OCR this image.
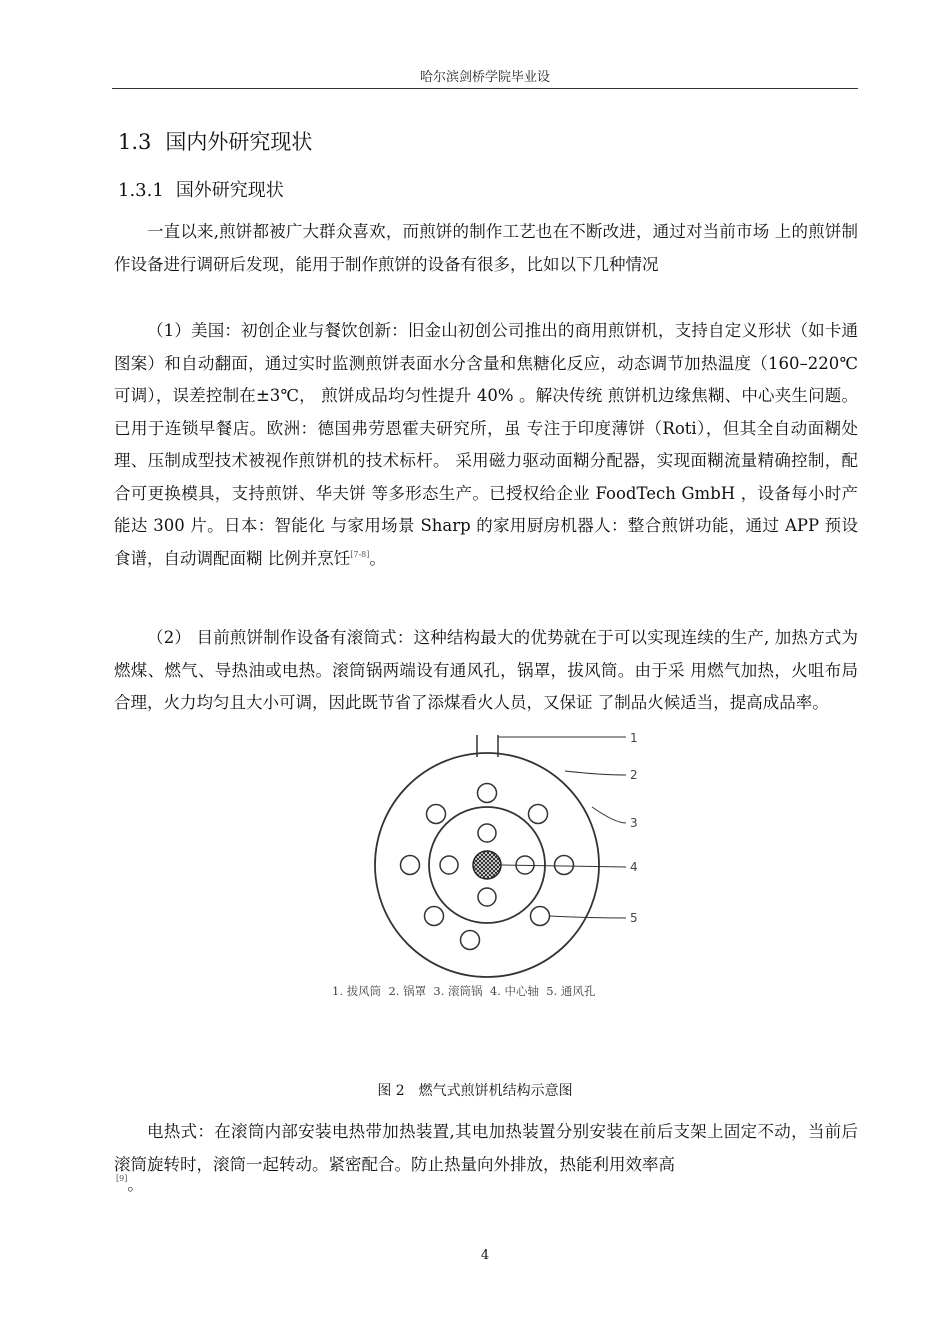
哈尔滨剑桥学院毕业设
1.3 国内外研究现状
1.3.1 国外研究现状

一直以来,煎饼都被广大群众喜欢，而煎饼的制作工艺也在不断改进，通过对当前市场 上的煎饼制作设备进行调研后发现，能用于制作煎饼的设备有很多，比如以下几种情况

（1）美国：初创企业与餐饮创新：旧金山初创公司推出的商用煎饼机，支持自定义形状（如卡通图案）和自动翻面，通过实时监测煎饼表面水分含量和焦糖化反应，动态调节加热温度（160–220℃可调），误差控制在±3℃， 煎饼成品均匀性提升 40% 。解决传统 煎饼机边缘焦糊、中心夹生问题。已用于连锁早餐店。欧洲：德国弗劳恩霍夫研究所，虽 专注于印度薄饼（Roti），但其全自动面糊处理、压制成型技术被视作煎饼机的技术标杆。 采用磁力驱动面糊分配器，实现面糊流量精确控制，配合可更换模具，支持煎饼、华夫饼 等多形态生产。已授权给企业 FoodTech GmbH ，设备每小时产能达 300 片。日本：智能化 与家用场景 Sharp 的家用厨房机器人：整合煎饼功能，通过 APP 预设食谱，自动调配面糊 比例并烹饪[7-8]。

（2） 目前煎饼制作设备有滚筒式：这种结构最大的优势就在于可以实现连续的生产, 加热方式为燃煤、燃气、导热油或电热。滚筒锅两端设有通风孔，锅罩，拔风筒。由于采 用燃气加热，火咀布局合理，火力均匀且大小可调，因此既节省了添煤看火人员，又保证 了制品火候适当，提高成品率。

1
2
3
4
5
1. 拔风筒  2. 锅罩  3. 滚筒锅  4. 中心轴  5. 通风孔
图 2 燃气式煎饼机结构示意图

电热式：在滚筒内部安装电热带加热装置,其电加热装置分别安装在前后支架上固定不动，当前后滚筒旋转时，滚筒一起转动。紧密配合。防止热量向外排放，热能利用效率高

[9]。
4
